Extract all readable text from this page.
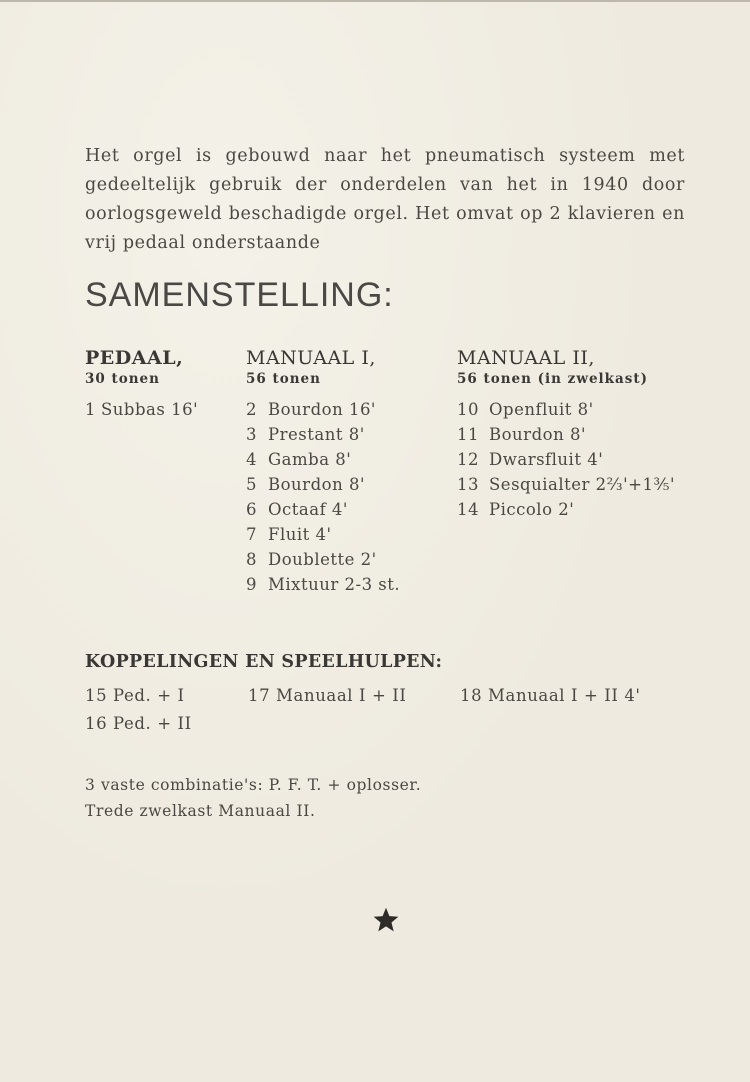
Het orgel is gebouwd naar het pneumatisch systeem met gedeeltelijk gebruik der onderdelen van het in 1940 door oorlogsgeweld beschadigde orgel. Het omvat op 2 klavieren en vrij pedaal onderstaande
SAMENSTELLING:
PEDAAL,
30 tonen
1 Subbas 16'
MANUAAL I,
56 tonen
2 Bourdon 16'
3 Prestant 8'
4 Gamba 8'
5 Bourdon 8'
6 Octaaf 4'
7 Fluit 4'
8 Doublette 2'
9 Mixtuur 2-3 st.
MANUAAL II,
56 tonen (in zwelkast)
10 Openfluit 8'
11 Bourdon 8'
12 Dwarsfluit 4'
13 Sesquialter 2⅔'+1⅗'
14 Piccolo 2'
KOPPELINGEN EN SPEELHULPEN:
15 Ped. + I
16 Ped. + II
17 Manuaal I + II	18 Manuaal I + II 4'
3 vaste combinatie's: P. F. T. + oplosser.
Trede zwelkast Manuaal II.
